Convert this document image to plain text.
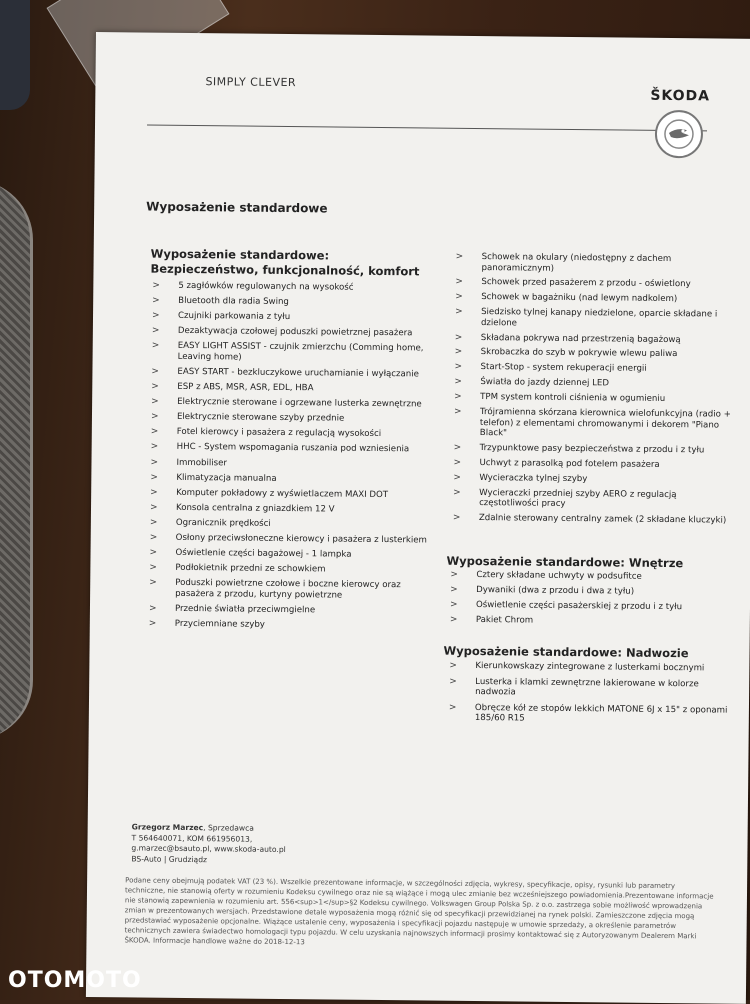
SIMPLY CLEVER
ŠKODA
Wyposażenie standardowe
Wyposażenie standardowe: Bezpieczeństwo, funkcjonalność, komfort
> 5 zagłówków regulowanych na wysokość
> Bluetooth dla radia Swing
> Czujniki parkowania z tyłu
> Dezaktywacja czołowej poduszki powietrznej pasażera
> EASY LIGHT ASSIST - czujnik zmierzchu (Comming home, Leaving home)
> EASY START - bezkluczykowe uruchamianie i wyłączanie
> ESP z ABS, MSR, ASR, EDL, HBA
> Elektrycznie sterowane i ogrzewane lusterka zewnętrzne
> Elektrycznie sterowane szyby przednie
> Fotel kierowcy i pasażera z regulacją wysokości
> HHC - System wspomagania ruszania pod wzniesienia
> Immobiliser
> Klimatyzacja manualna
> Komputer pokładowy z wyświetlaczem MAXI DOT
> Konsola centralna z gniazdkiem 12 V
> Ogranicznik prędkości
> Osłony przeciwsłoneczne kierowcy i pasażera z lusterkiem
> Oświetlenie części bagażowej - 1 lampka
> Podłokietnik przedni ze schowkiem
> Poduszki powietrzne czołowe i boczne kierowcy oraz pasażera z przodu, kurtyny powietrzne
> Przednie światła przeciwmgielne
> Przyciemniane szyby
> Schowek na okulary (niedostępny z dachem panoramicznym)
> Schowek przed pasażerem z przodu - oświetlony
> Schowek w bagażniku (nad lewym nadkolem)
> Siedzisko tylnej kanapy niedzielone, oparcie składane i dzielone
> Składana pokrywa nad przestrzenią bagażową
> Skrobaczka do szyb w pokrywie wlewu paliwa
> Start-Stop - system rekuperacji energii
> Światła do jazdy dziennej LED
> TPM system kontroli ciśnienia w ogumieniu
> Trójramienna skórzana kierownica wielofunkcyjna (radio + telefon) z elementami chromowanymi i dekorem "Piano Black"
> Trzypunktowe pasy bezpieczeństwa z przodu i z tyłu
> Uchwyt z parasolką pod fotelem pasażera
> Wycieraczka tylnej szyby
> Wycieraczki przedniej szyby AERO z regulacją częstotliwości pracy
> Zdalnie sterowany centralny zamek (2 składane kluczyki)
Wyposażenie standardowe: Wnętrze
> Cztery składane uchwyty w podsufitce
> Dywaniki (dwa z przodu i dwa z tyłu)
> Oświetlenie części pasażerskiej z przodu i z tyłu
> Pakiet Chrom
Wyposażenie standardowe: Nadwozie
> Kierunkowskazy zintegrowane z lusterkami bocznymi
> Lusterka i klamki zewnętrzne lakierowane w kolorze nadwozia
> Obręcze kół ze stopów lekkich MATONE 6J x 15" z oponami 185/60 R15
Grzegorz Marzec, Sprzedawca
T 564640071, KOM 661956013,
g.marzec@bsauto.pl, www.skoda-auto.pl
BS-Auto | Grudziądz
Podane ceny obejmują podatek VAT (23 %). Wszelkie prezentowane informacje, w szczególności zdjęcia, wykresy, specyfikacje, opisy, rysunki lub parametry techniczne, nie stanowią oferty w rozumieniu Kodeksu cywilnego oraz nie są wiążące i mogą ulec zmianie bez wcześniejszego powiadomienia.Prezentowane informacje nie stanowią zapewnienia w rozumieniu art. 556<sup>1</sup>§2 Kodeksu cywilnego. Volkswagen Group Polska Sp. z o.o. zastrzega sobie możliwość wprowadzenia zmian w prezentowanych wersjach. Przedstawione detale wyposażenia mogą różnić się od specyfikacji przewidzianej na rynek polski. Zamieszczone zdjęcia mogą przedstawiać wyposażenie opcjonalne. Wiążące ustalenie ceny, wyposażenia i specyfikacji pojazdu następuje w umowie sprzedaży, a określenie parametrów technicznych zawiera świadectwo homologacji typu pojazdu. W celu uzyskania najnowszych informacji prosimy kontaktować się z Autoryzowanym Dealerem Marki ŠKODA. Informacje handlowe ważne do 2018-12-13
OTOMOTO
